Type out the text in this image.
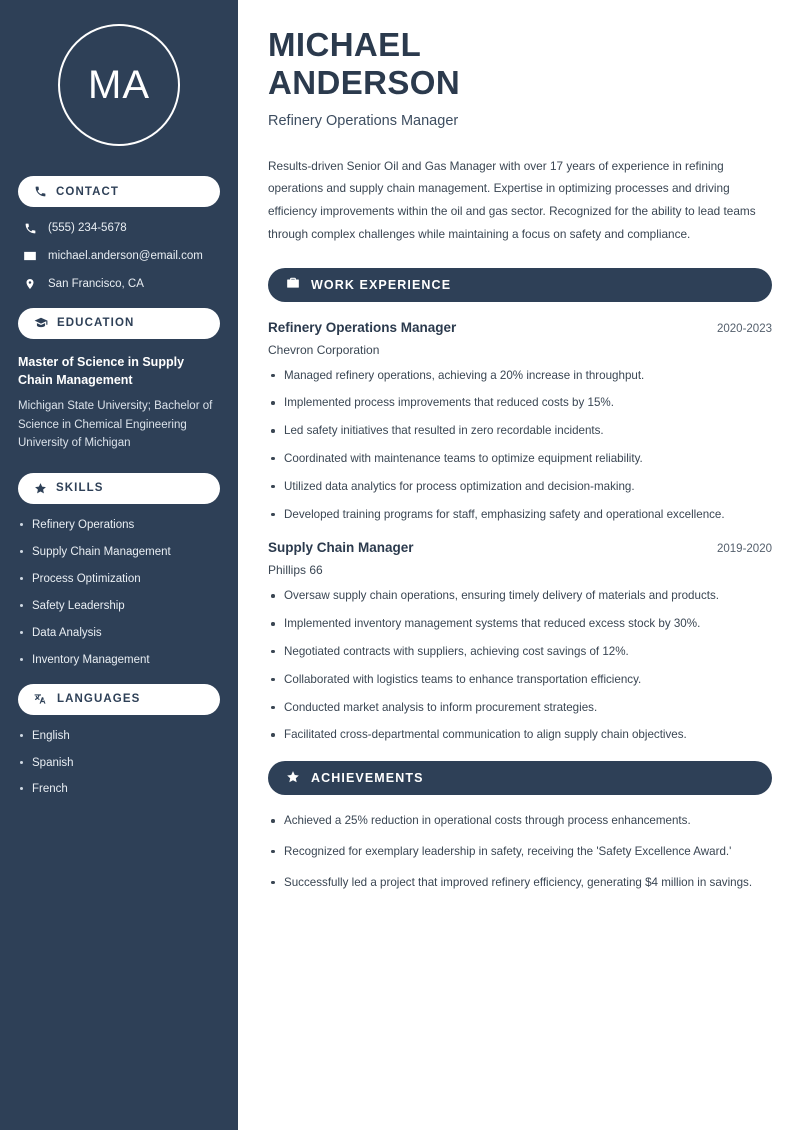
MA
CONTACT
(555) 234-5678
michael.anderson@email.com
San Francisco, CA
EDUCATION
Master of Science in Supply Chain Management
Michigan State University; Bachelor of Science in Chemical Engineering University of Michigan
SKILLS
Refinery Operations
Supply Chain Management
Process Optimization
Safety Leadership
Data Analysis
Inventory Management
LANGUAGES
English
Spanish
French
MICHAEL
ANDERSON
Refinery Operations Manager

Results-driven Senior Oil and Gas Manager with over 17 years of experience in refining operations and supply chain management. Expertise in optimizing processes and driving efficiency improvements within the oil and gas sector. Recognized for the ability to lead teams through complex challenges while maintaining a focus on safety and compliance.

WORK EXPERIENCE
Refinery Operations Manager	2020-2023
Chevron Corporation
Managed refinery operations, achieving a 20% increase in throughput.
Implemented process improvements that reduced costs by 15%.
Led safety initiatives that resulted in zero recordable incidents.
Coordinated with maintenance teams to optimize equipment reliability.
Utilized data analytics for process optimization and decision-making.
Developed training programs for staff, emphasizing safety and operational excellence.
Supply Chain Manager	2019-2020
Phillips 66
Oversaw supply chain operations, ensuring timely delivery of materials and products.
Implemented inventory management systems that reduced excess stock by 30%.
Negotiated contracts with suppliers, achieving cost savings of 12%.
Collaborated with logistics teams to enhance transportation efficiency.
Conducted market analysis to inform procurement strategies.
Facilitated cross-departmental communication to align supply chain objectives.
ACHIEVEMENTS
Achieved a 25% reduction in operational costs through process enhancements.
Recognized for exemplary leadership in safety, receiving the 'Safety Excellence Award.'
Successfully led a project that improved refinery efficiency, generating $4 million in savings.
